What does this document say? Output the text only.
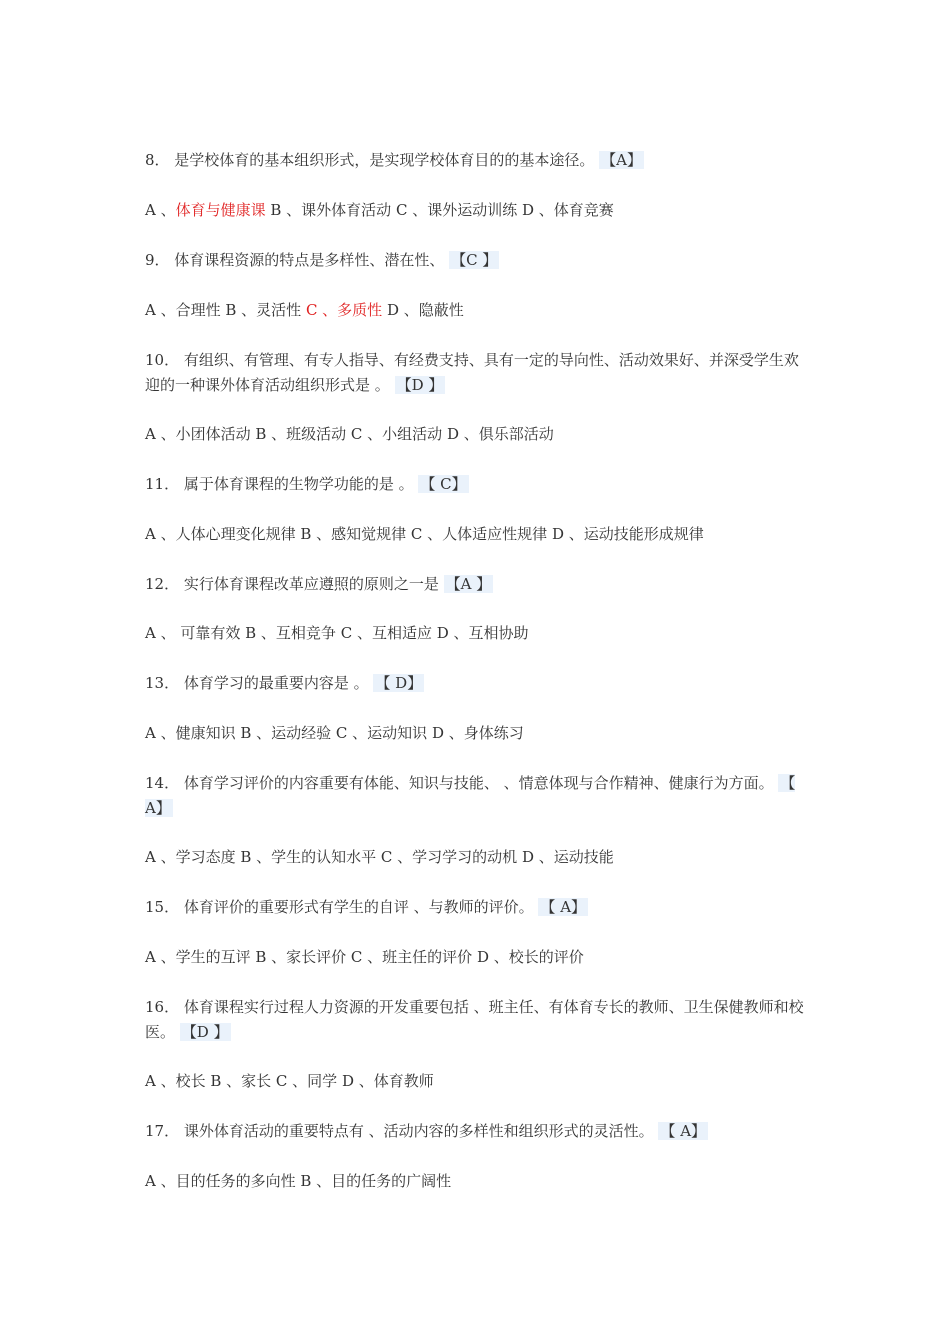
8． 是学校体育的基本组织形式，是实现学校体育目的的基本途径。 【A】
A 、体育与健康课 B 、课外体育活动 C 、课外运动训练 D 、体育竞赛
9． 体育课程资源的特点是多样性、潜在性、 【C 】
A 、合理性 B 、灵活性 C 、多质性 D 、隐蔽性
10． 有组织、有管理、有专人指导、有经费支持、具有一定的导向性、活动效果好、并深受学生欢迎的一种课外体育活动组织形式是 。 【D 】
A 、小团体活动 B 、班级活动 C 、小组活动 D 、俱乐部活动
11． 属于体育课程的生物学功能的是 。 【 C】
A 、人体心理变化规律 B 、感知觉规律 C 、人体适应性规律 D 、运动技能形成规律
12． 实行体育课程改革应遵照的原则之一是 【A 】
A 、 可靠有效 B 、互相竞争 C 、互相适应 D 、互相协助
13． 体育学习的最重要内容是 。 【 D】
A 、健康知识 B 、运动经验 C 、运动知识 D 、身体练习
14． 体育学习评价的内容重要有体能、知识与技能、 、情意体现与合作精神、健康行为方面。 【 A】
A 、学习态度 B 、学生的认知水平 C 、学习学习的动机 D 、运动技能
15． 体育评价的重要形式有学生的自评 、与教师的评价。 【 A】
A 、学生的互评 B 、家长评价 C 、班主任的评价 D 、校长的评价
16． 体育课程实行过程人力资源的开发重要包括 、班主任、有体育专长的教师、卫生保健教师和校医。 【D 】
A 、校长 B 、家长 C 、同学 D 、体育教师
17． 课外体育活动的重要特点有 、活动内容的多样性和组织形式的灵活性。 【 A】
A 、目的任务的多向性 B 、目的任务的广阔性
